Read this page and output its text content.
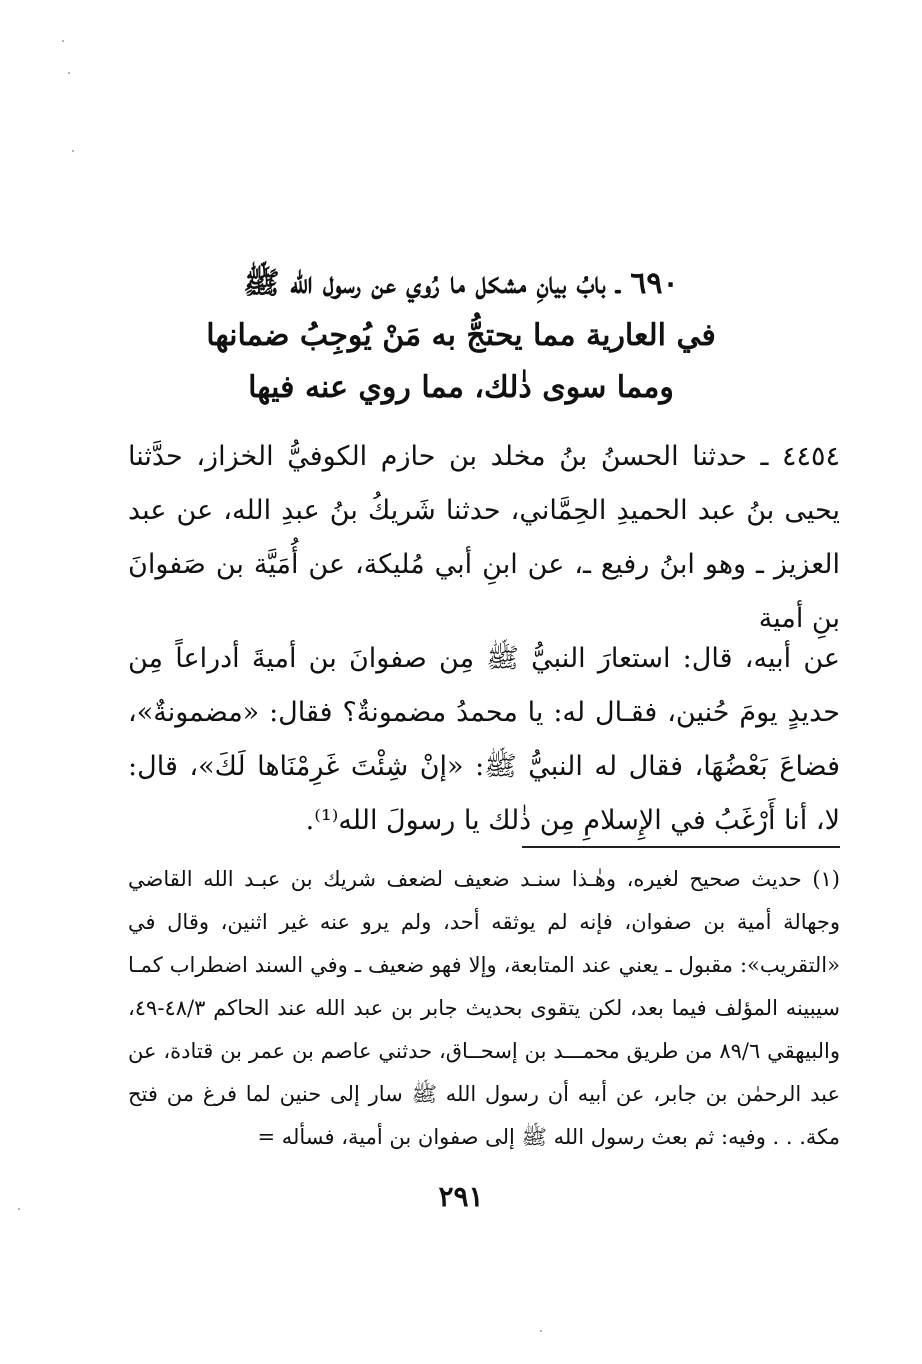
٦٩٠ ـ بابُ بيانِ مشكل ما رُوي عن رسول الله ﷺ
في العارية مما يحتجُّ به مَنْ يُوجِبُ ضمانها
ومما سوى ذٰلك، مما روي عنه فيها

٤٤٥٤ ـ حدثنا الحسنُ بنُ مخلد بن حازم الكوفيُّ الخزاز، حدَّثنا يحيى بنُ عبد الحميدِ الحِمَّاني، حدثنا شَريكُ بنُ عبدِ الله، عن عبد العزيز ـ وهو ابنُ رفيع ـ، عن ابنِ أبي مُليكة، عن أُمَيَّة بن صَفوانَ بنِ أمية

عن أبيه، قال: استعارَ النبيُّ ﷺ مِن صفوانَ بن أميةَ أدراعاً مِن حديدٍ يومَ حُنين، فقـال له: يا محمدُ مضمونةٌ؟ فقال: «مضمونةٌ»، فضاعَ بَعْضُهَا، فقال له النبيُّ ﷺ: «إنْ شِئْتَ غَرِمْنَاها لَكَ»، قال: لا، أنا أَرْغَبُ في الإِسلامِ مِن ذٰلك يا رسولَ الله⁽¹⁾.

(١) حديث صحيح لغيره، وهٰـذا سنـد ضعيف لضعف شريك بن عبـد الله القاضي وجهالة أمية بن صفوان، فإنه لم يوثقه أحد، ولم يرو عنه غير اثنين، وقال في «التقريب»: مقبول ـ يعني عند المتابعة، وإلا فهو ضعيف ـ وفي السند اضطراب كمـا سيبينه المؤلف فيما بعد، لكن يتقوى بحديث جابر بن عبد الله عند الحاكم ٤٨/٣-٤٩، والبيهقي ٨٩/٦ من طريق محمـــد بن إسحــاق، حدثني عاصم بن عمر بن قتادة، عن عبد الرحمٰن بن جابر، عن أبيه أن رسول الله ﷺ سار إلى حنين لما فرغ من فتح مكة. . . وفيه: ثم بعث رسول الله ﷺ إلى صفوان بن أمية، فسأله =

٢٩١
